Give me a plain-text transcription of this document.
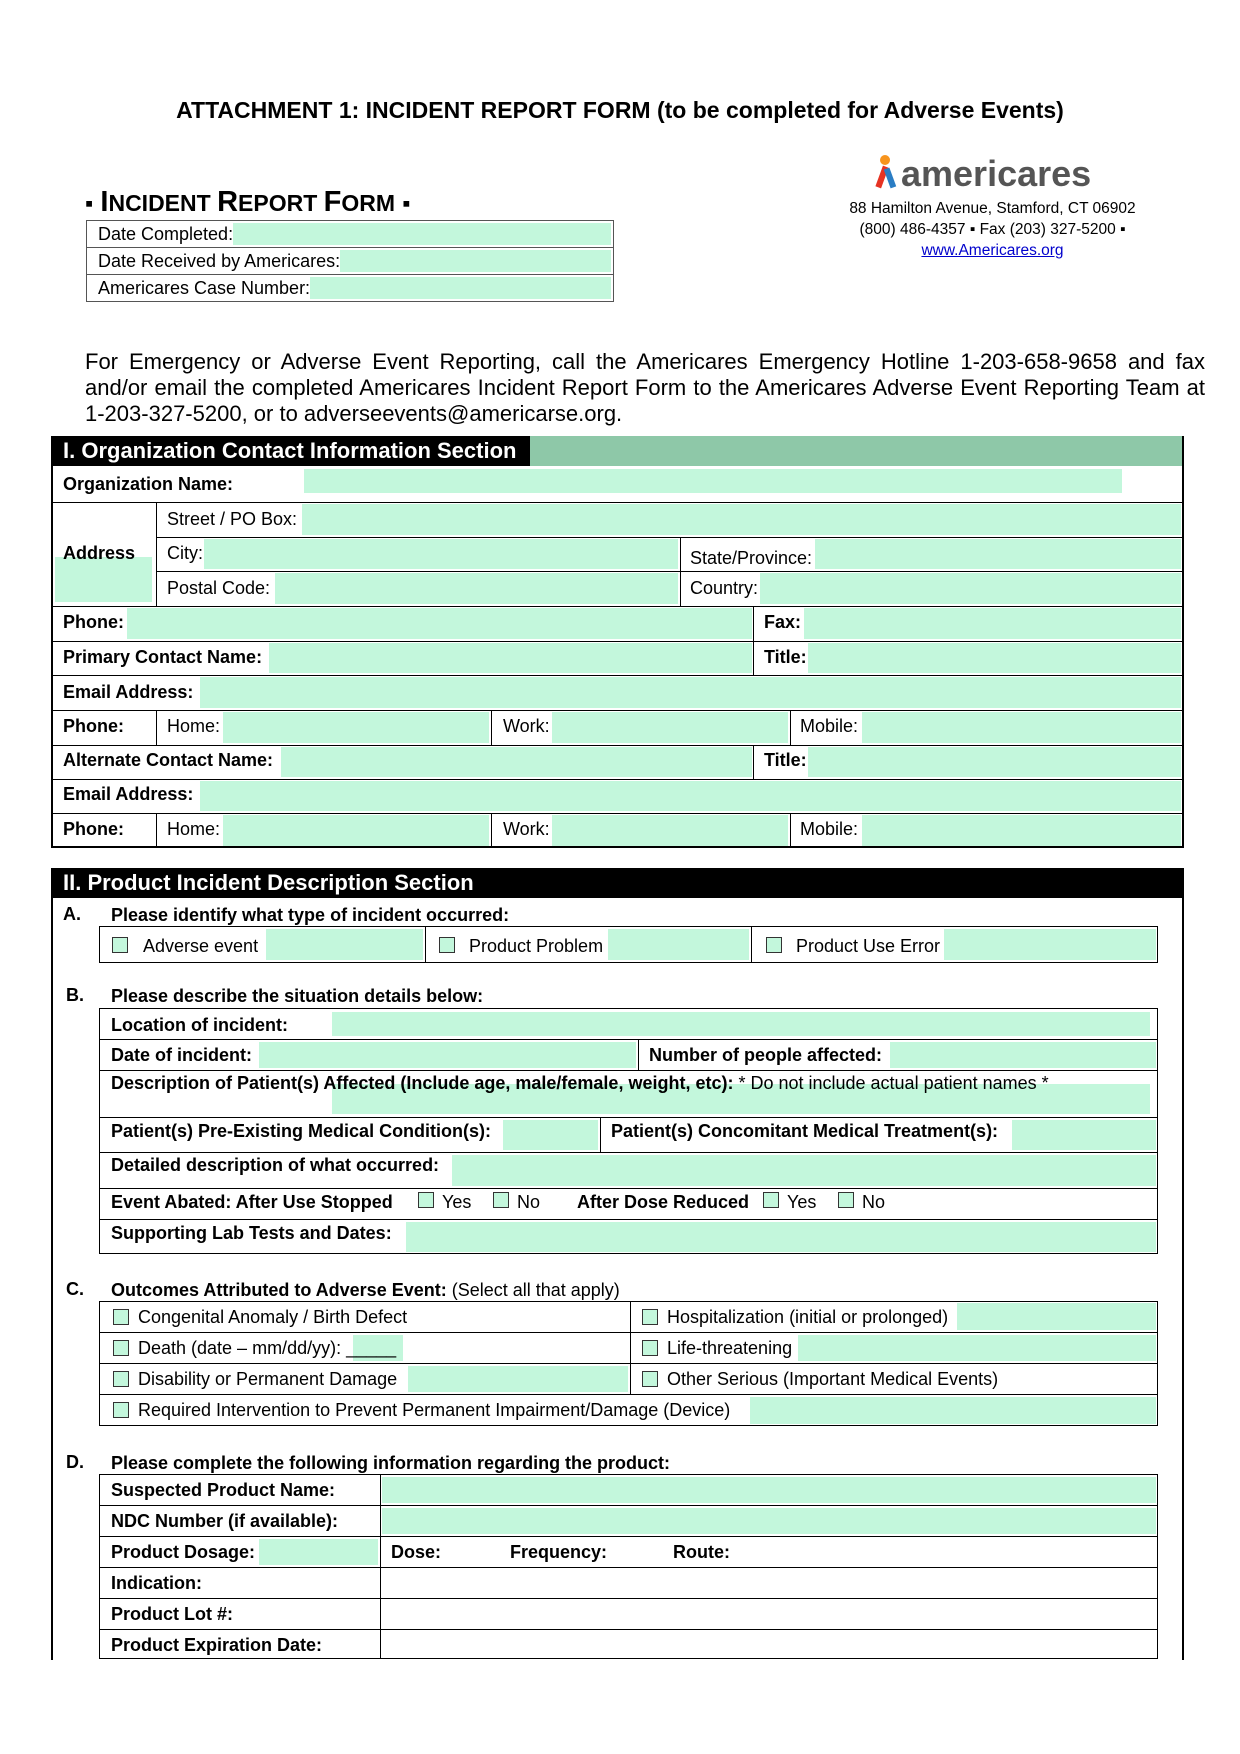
ATTACHMENT 1: INCIDENT REPORT FORM (to be completed for Adverse Events)
▪ INCIDENT REPORT FORM ▪
Date Completed:
Date Received by Americares:
Americares Case Number:
americares
88 Hamilton Avenue, Stamford, CT 06902
(800) 486-4357 ▪ Fax (203) 327-5200 ▪
www.Americares.org
For Emergency or Adverse Event Reporting, call the Americares Emergency Hotline 1-203-658-9658 and fax and/or email the completed Americares Incident Report Form to the Americares Adverse Event Reporting Team at 1-203-327-5200, or to adverseevents@americarse.org.
I. Organization Contact Information Section
Organization Name:
Street / PO Box:
Address City:	State/Province:
Postal Code:	Country:
Phone:	Fax:
Primary Contact Name:	Title:
Email Address:
Phone: Home:	Work:	Mobile:
Alternate Contact Name:	Title:
Email Address:
Phone: Home:	Work:	Mobile:
II. Product Incident Description Section
A. Please identify what type of incident occurred:
Adverse event	Product Problem	Product Use Error
B. Please describe the situation details below:
Location of incident:
Date of incident:	Number of people affected:
Description of Patient(s) Affected (Include age, male/female, weight, etc): * Do not include actual patient names *
Patient(s) Pre-Existing Medical Condition(s):	Patient(s) Concomitant Medical Treatment(s):
Detailed description of what occurred:
Event Abated: After Use Stopped	Yes	No After Dose Reduced Yes	No
Supporting Lab Tests and Dates:
C. Outcomes Attributed to Adverse Event: (Select all that apply)
Congenital Anomaly / Birth Defect	Hospitalization (initial or prolonged)
Death (date – mm/dd/yy): _____	Life-threatening
Disability or Permanent Damage	Other Serious (Important Medical Events)
Required Intervention to Prevent Permanent Impairment/Damage (Device)
D. Please complete the following information regarding the product:
Suspected Product Name:
NDC Number (if available):
Product Dosage:	Dose:	Frequency:	Route:
Indication:
Product Lot #:
Product Expiration Date:
